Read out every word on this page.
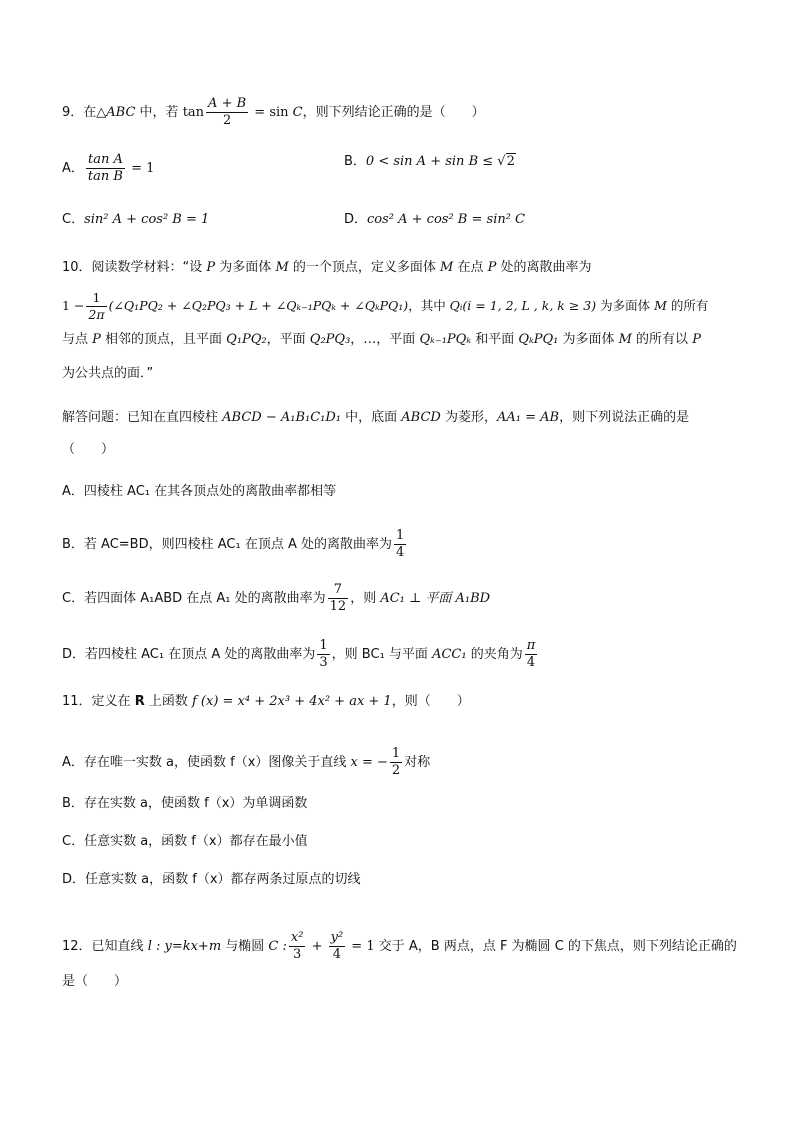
9．在△ABC 中，若 $\tan \frac{A + B}{2} = \sin C$，则下列结论正确的是（　　）
A． $\frac{\text{tan A}}{\text{tan B}} = 1$	B．0 < sin A + sin B ≤ √2
C．sin² A + cos² B = 1	D．cos² A + cos² B = sin² C
10．阅读数学材料：“设 P 为多面体 M 的一个顶点，定义多面体 M 在点 P 处的离散曲率为
$1 - \frac{1}{2\pi}$ (∠Q₁PQ₂ + ∠Q₂PQ₃ + L + ∠Qₖ₋₁PQₖ + ∠QₖPQ₁)，其中 Qᵢ(i = 1, 2, L , k, k ≥ 3) 为多面体 M 的所有
与点 P 相邻的顶点，且平面 Q₁PQ₂，平面 Q₂PQ₃，…，平面 Qₖ₋₁PQₖ 和平面 QₖPQ₁ 为多面体 M 的所有以 P
为公共点的面．”
解答问题：已知在直四棱柱 ABCD − A₁B₁C₁D₁ 中，底面 ABCD 为菱形，AA₁ = AB，则下列说法正确的是
（　　）
A．四棱柱 AC₁ 在其各顶点处的离散曲率都相等
B．若 AC=BD，则四棱柱 AC₁ 在顶点 A 处的离散曲率为 $\frac{1}{4}$
C．若四面体 A₁ABD 在点 A₁ 处的离散曲率为 $\frac{7}{12}$ ，则 AC₁ ⊥ 平面 A₁BD
D．若四棱柱 AC₁ 在顶点 A 处的离散曲率为 $\frac{1}{3}$ ，则 BC₁ 与平面 ACC₁ 的夹角为 $\frac{\pi}{4}$
11．定义在 R 上函数 f (x) = x⁴ + 2x³ + 4x² + ax + 1，则（　　）
A．存在唯一实数 a，使函数 f（x）图像关于直线 x = − $\frac{1}{2}$ 对称
B．存在实数 a，使函数 f（x）为单调函数
C．任意实数 a，函数 f（x）都存在最小值
D．任意实数 a，函数 f（x）都存两条过原点的切线
12．已知直线 l : y=kx+m 与椭圆 C : $\frac{\text{x²}}{3} + \frac{\text{y²}}{4} = 1$ 交于 A，B 两点，点 F 为椭圆 C 的下焦点，则下列结论正确的
是（　　）
